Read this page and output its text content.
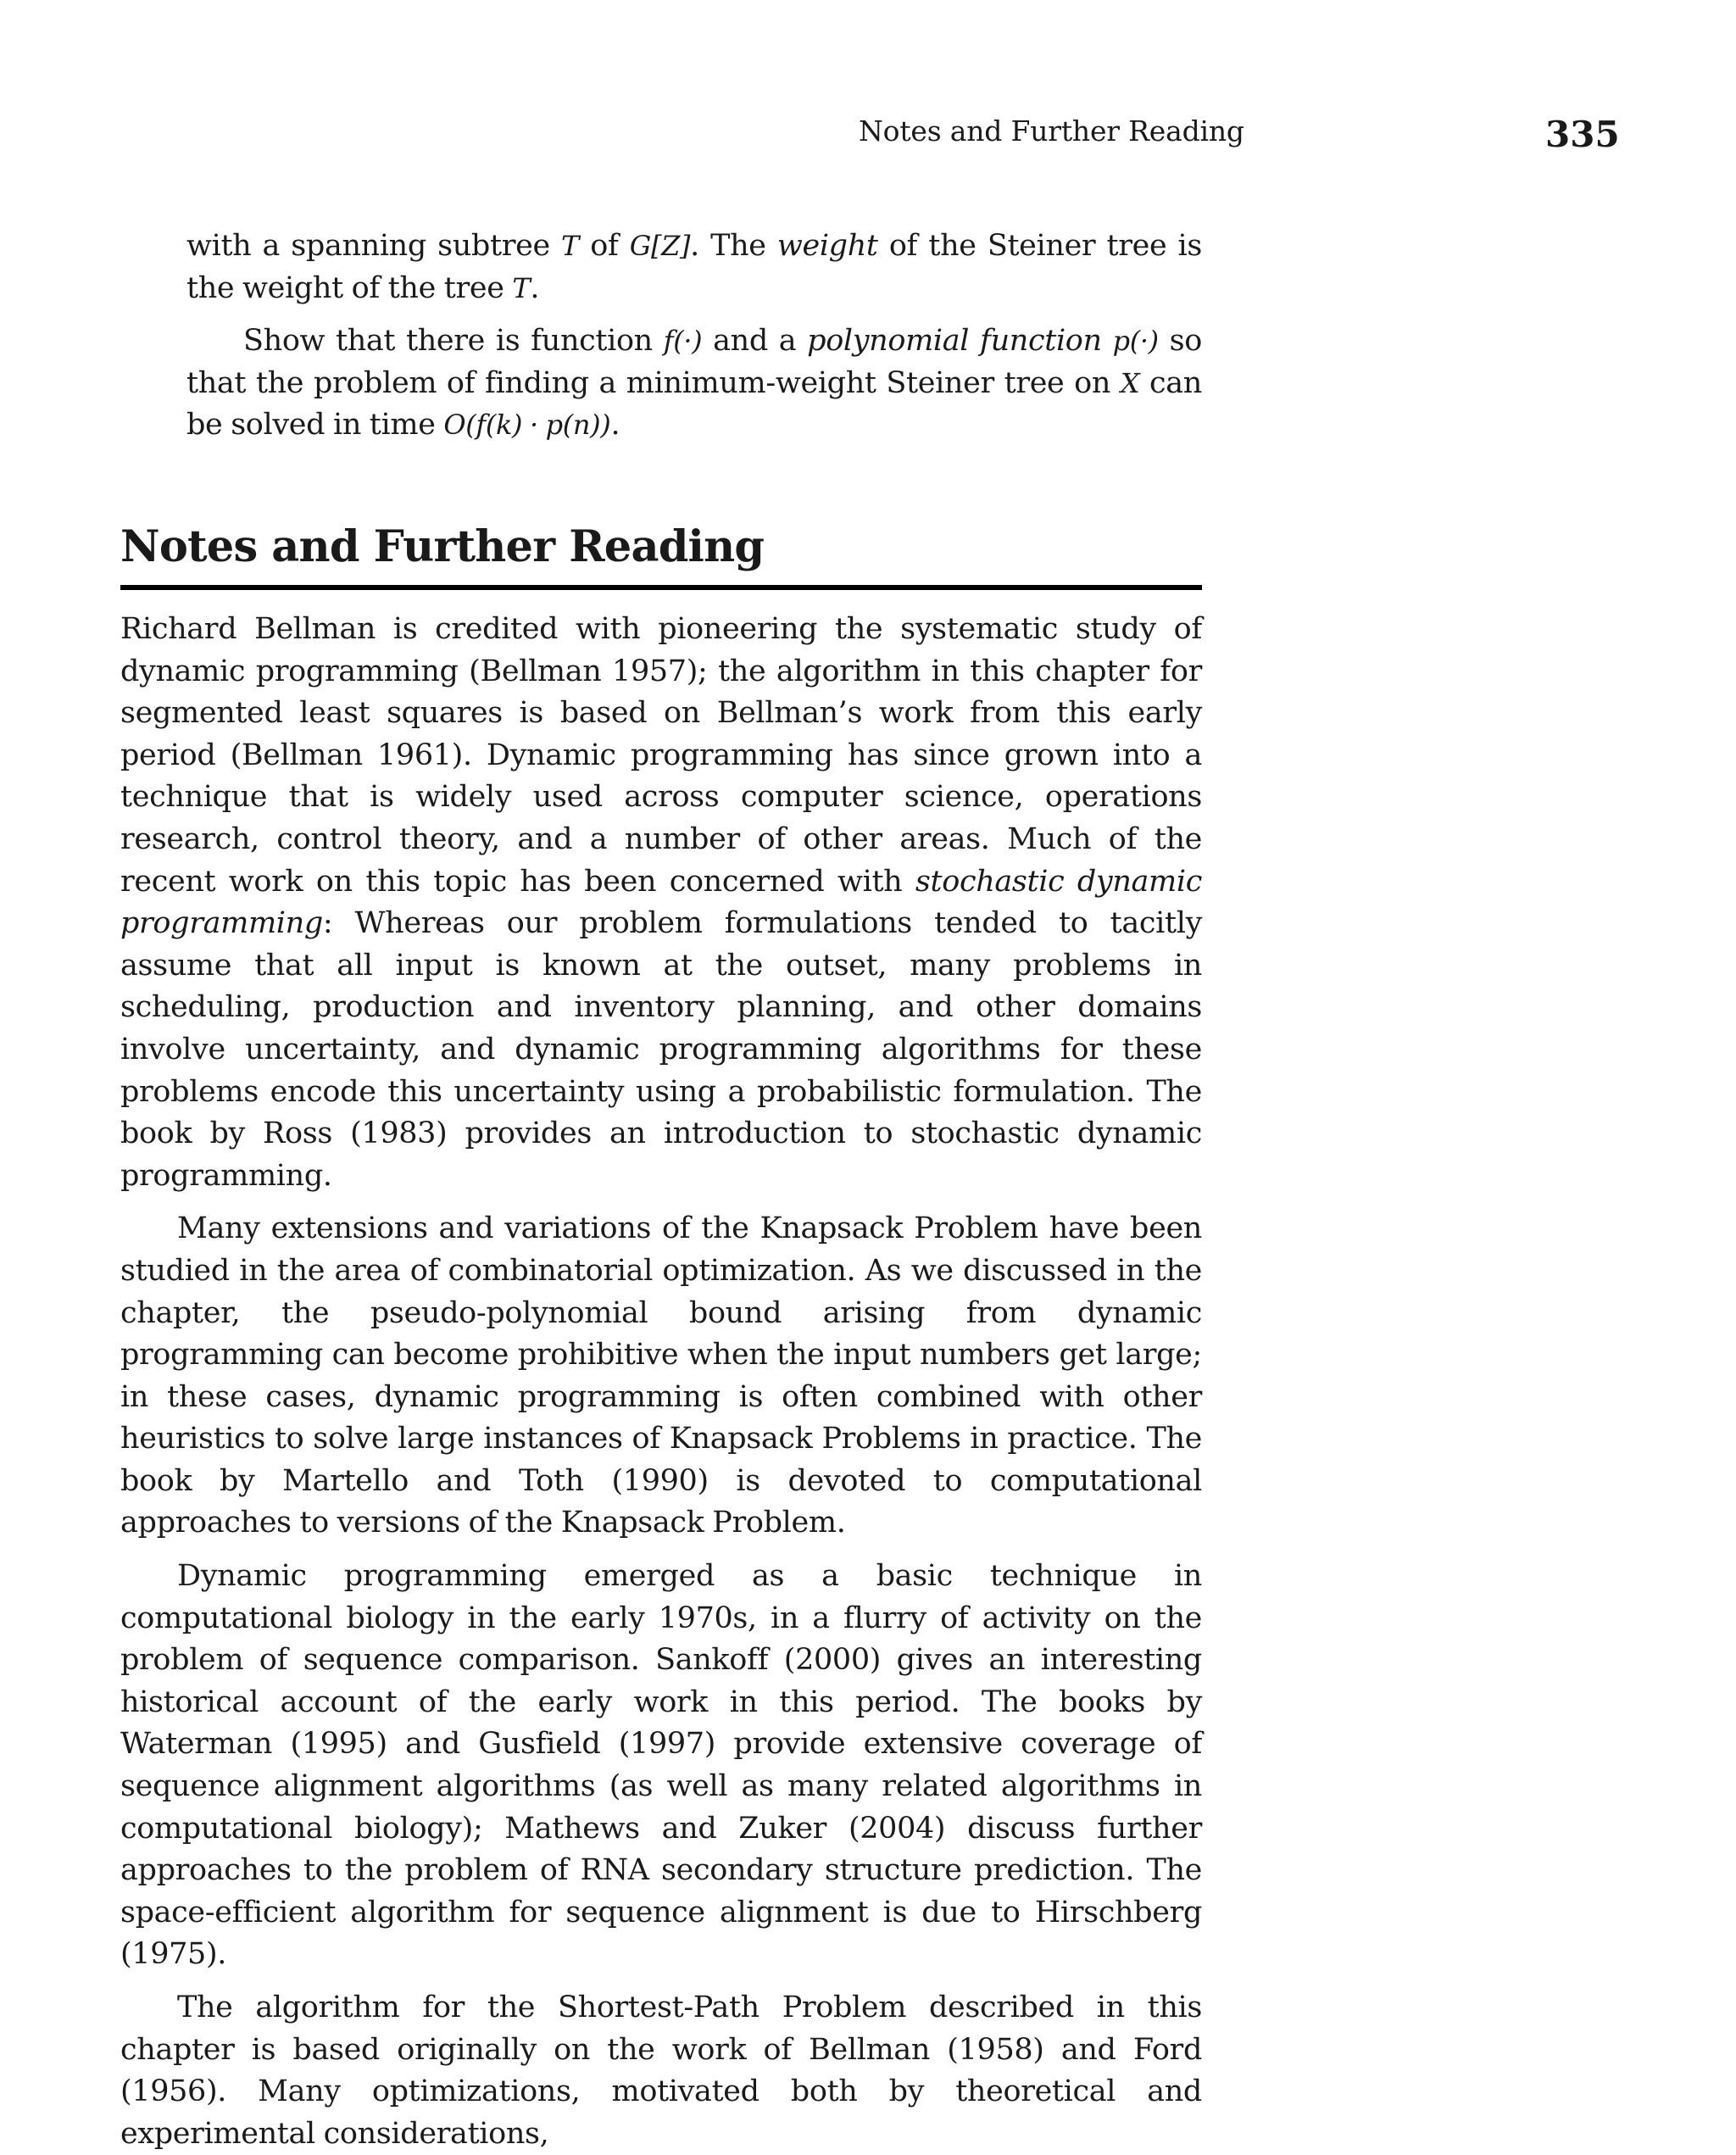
Notes and Further Reading	335

with a spanning subtree T of G[Z]. The weight of the Steiner tree is the weight of the tree T.

Show that there is function f(·) and a polynomial function p(·) so that the problem of finding a minimum-weight Steiner tree on X can be solved in time O(f(k) · p(n)).

Notes and Further Reading

Richard Bellman is credited with pioneering the systematic study of dynamic programming (Bellman 1957); the algorithm in this chapter for segmented least squares is based on Bellman’s work from this early period (Bellman 1961). Dynamic programming has since grown into a technique that is widely used across computer science, operations research, control theory, and a number of other areas. Much of the recent work on this topic has been concerned with stochastic dynamic programming: Whereas our problem formulations tended to tacitly assume that all input is known at the outset, many problems in scheduling, production and inventory planning, and other domains involve uncertainty, and dynamic programming algorithms for these problems encode this uncertainty using a probabilistic formulation. The book by Ross (1983) provides an introduction to stochastic dynamic programming.

Many extensions and variations of the Knapsack Problem have been studied in the area of combinatorial optimization. As we discussed in the chapter, the pseudo-polynomial bound arising from dynamic programming can become prohibitive when the input numbers get large; in these cases, dynamic programming is often combined with other heuristics to solve large instances of Knapsack Problems in practice. The book by Martello and Toth (1990) is devoted to computational approaches to versions of the Knapsack Problem.

Dynamic programming emerged as a basic technique in computational biology in the early 1970s, in a flurry of activity on the problem of sequence comparison. Sankoff (2000) gives an interesting historical account of the early work in this period. The books by Waterman (1995) and Gusfield (1997) provide extensive coverage of sequence alignment algorithms (as well as many related algorithms in computational biology); Mathews and Zuker (2004) discuss further approaches to the problem of RNA secondary structure prediction. The space-efficient algorithm for sequence alignment is due to Hirschberg (1975).

The algorithm for the Shortest-Path Problem described in this chapter is based originally on the work of Bellman (1958) and Ford (1956). Many optimizations, motivated both by theoretical and experimental considerations,
